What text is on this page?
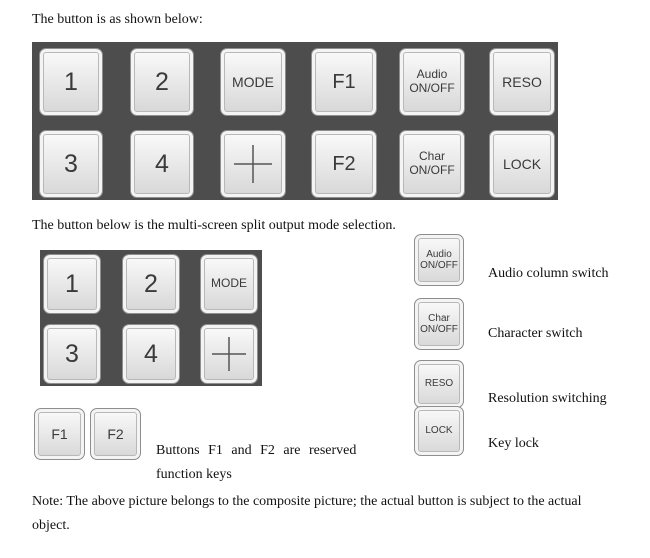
The button is as shown below:
1	2	MODE	F1	Audio
ON/OFF	RESO
3	4	F2	Char
ON/OFF	LOCK
The button below is the multi-screen split output mode selection.
1	2	MODE
3	4
Audio
ON/OFF
Audio column switch
Char
ON/OFF Character switch
RESO
Resolution switching
LOCK
Key lock
F1	F2
Buttons F1 and F2 are reserved
function keys
Note: The above picture belongs to the composite picture; the actual button is subject to the actual
object.
